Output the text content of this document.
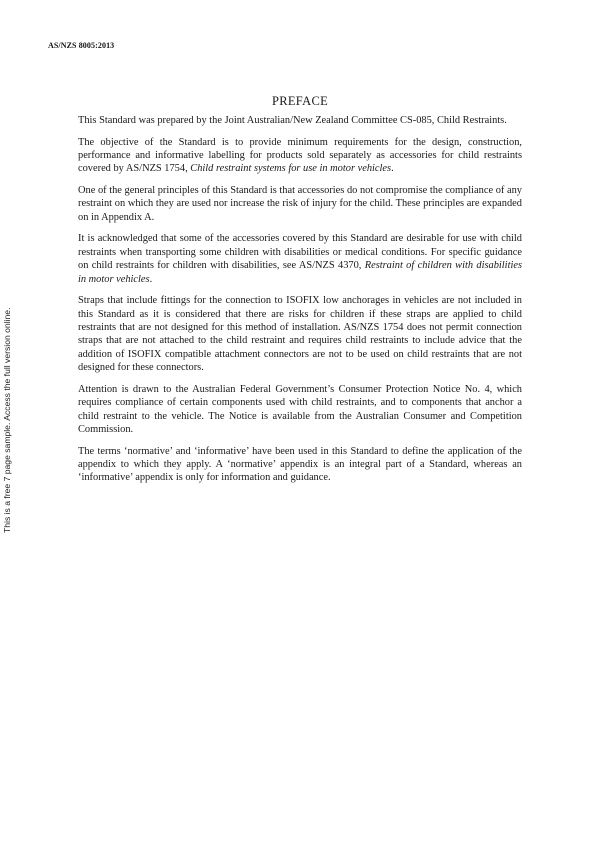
AS/NZS 8005:2013
This is a free 7 page sample. Access the full version online.
PREFACE

This Standard was prepared by the Joint Australian/New Zealand Committee CS-085, Child Restraints.

The objective of the Standard is to provide minimum requirements for the design, construction, performance and informative labelling for products sold separately as accessories for child restraints covered by AS/NZS 1754, Child restraint systems for use in motor vehicles.

One of the general principles of this Standard is that accessories do not compromise the compliance of any restraint on which they are used nor increase the risk of injury for the child. These principles are expanded on in Appendix A.

It is acknowledged that some of the accessories covered by this Standard are desirable for use with child restraints when transporting some children with disabilities or medical conditions. For specific guidance on child restraints for children with disabilities, see AS/NZS 4370, Restraint of children with disabilities in motor vehicles.

Straps that include fittings for the connection to ISOFIX low anchorages in vehicles are not included in this Standard as it is considered that there are risks for children if these straps are applied to child restraints that are not designed for this method of installation. AS/NZS 1754 does not permit connection straps that are not attached to the child restraint and requires child restraints to include advice that the addition of ISOFIX compatible attachment connectors are not to be used on child restraints that are not designed for these connectors.

Attention is drawn to the Australian Federal Government’s Consumer Protection Notice No. 4, which requires compliance of certain components used with child restraints, and to components that anchor a child restraint to the vehicle. The Notice is available from the Australian Consumer and Competition Commission.

The terms ‘normative’ and ‘informative’ have been used in this Standard to define the application of the appendix to which they apply. A ‘normative’ appendix is an integral part of a Standard, whereas an ‘informative’ appendix is only for information and guidance.
